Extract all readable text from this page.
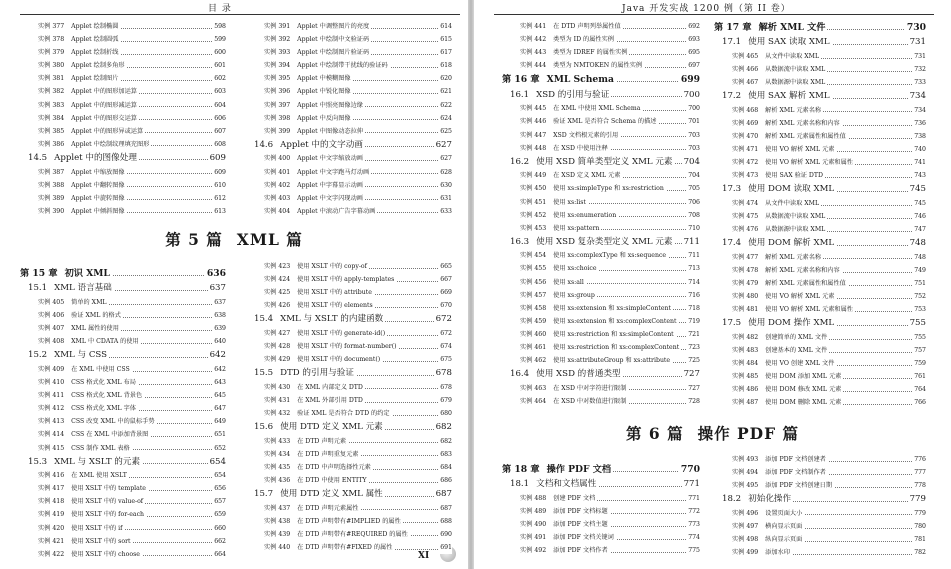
目 录
实例 377 Applet 绘制椭圆	598
实例 378 Applet 绘制圆弧	599
实例 379 Applet 绘制折线	600
实例 380 Applet 绘制多角形	601
实例 381 Applet 绘制图片	602
实例 382 Applet 中的图形加运算	603
实例 383 Applet 中的图形减运算	604
实例 384 Applet 中的图形交运算	606
实例 385 Applet 中的图形异或运算	607
实例 386 Applet 中绘制纹理填充图形	608
14.5 Applet 中的图像处理	609
实例 387 Applet 中缩放图像	609
实例 388 Applet 中翻转图像	610
实例 389 Applet 中旋转图像	612
实例 390 Applet 中倾斜图像	613
实例 391 Applet 中调整图片的亮度	614
实例 392 Applet 中绘制中文验证码	615
实例 393 Applet 中绘制图片验证码	617
实例 394 Applet 中绘制带干扰线的验证码	618
实例 395 Applet 中模糊图像	620
实例 396 Applet 中锐化图像	621
实例 397 Applet 中照亮图像边缘	622
实例 398 Applet 中反向图像	624
实例 399 Applet 中图像动态拉伸	625
14.6 Applet 中的文字动画	627
实例 400 Applet 中文字缩放动画	627
实例 401 Applet 中文字跑马灯动画	628
实例 402 Applet 中字幕显示动画	630
实例 403 Applet 中文字闪现动画	631
实例 404 Applet 中滚动广告字幕动画	633
第 5 篇 XML 篇
第 15 章 初识 XML	636
15.1 XML 语言基础	637
实例 405 简单的 XML	637
实例 406 验证 XML 的格式	638
实例 407 XML 属性的使用	639
实例 408 XML 中 CDATA 的使用	640
15.2 XML 与 CSS	642
实例 409 在 XML 中使用 CSS	642
实例 410 CSS 格式化 XML 布局	643
实例 411 CSS 格式化 XML 背景色	645
实例 412 CSS 格式化 XML 字体	647
实例 413 CSS 改变 XML 中的鼠标手势	649
实例 414 CSS 在 XML 中添加背景图	651
实例 415 CSS 制作 XML 表格	652
15.3 XML 与 XSLT 的元素	654
实例 416 在 XML 使用 XSLT	654
实例 417 使用 XSLT 中的 template	656
实例 418 使用 XSLT 中的 value-of	657
实例 419 使用 XSLT 中的 for-each	659
实例 420 使用 XSLT 中的 if	660
实例 421 使用 XSLT 中的 sort	662
实例 422 使用 XSLT 中的 choose	664
实例 423 使用 XSLT 中的 copy-of	665
实例 424 使用 XSLT 中的 apply-templates	667
实例 425 使用 XSLT 中的 attribute	669
实例 426 使用 XSLT 中的 elements	670
15.4 XML 与 XSLT 的内建函数	672
实例 427 使用 XSLT 中的 generate-id()	672
实例 428 使用 XSLT 中的 format-number()	674
实例 429 使用 XSLT 中的 document()	675
15.5 DTD 的引用与验证	678
实例 430 在 XML 内部定义 DTD	678
实例 431 在 XML 外部引用 DTD	679
实例 432 验证 XML 是否符合 DTD 的约定	680
15.6 使用 DTD 定义 XML 元素	682
实例 433 在 DTD 声明元素	682
实例 434 在 DTD 声明重复元素	683
实例 435 在 DTD 中声明选择性元素	684
实例 436 在 DTD 中使用 ENTITY	686
15.7 使用 DTD 定义 XML 属性	687
实例 437 在 DTD 声明元素属性	687
实例 438 在 DTD 声明带有#IMPLIED 的属性	688
实例 439 在 DTD 声明带有#REQUIRED 的属性	690
实例 440 在 DTD 声明带有#FIXED 的属性	691
XI
Java 开发实战 1200 例（第 II 卷）
实例 441 在 DTD 声明列举属性值	692
实例 442 类型为 ID 的属性实例	693
实例 443 类型为 IDREF 的属性实例	695
实例 444 类型为 NMTOKEN 的属性实例	697
第 16 章 XML Schema	699
16.1 XSD 的引用与验证	700
实例 445 在 XML 中使用 XML Schema	700
实例 446 验证 XML 是否符合 Schema 的描述	701
实例 447 XSD 文档根元素的引用	703
实例 448 在 XSD 中使用注释	703
16.2 使用 XSD 简单类型定义 XML 元素 704
实例 449 在 XSD 定义 XML 元素	704
实例 450 使用 xs:simpleType 和 xs:restriction	705
实例 451 使用 xs:list	706
实例 452 使用 xs:enumeration	708
实例 453 使用 xs:pattern	710
16.3 使用 XSD 复杂类型定义 XML 元素 711
实例 454 使用 xs:complexType 和 xs:sequence	711
实例 455 使用 xs:choice	713
实例 456 使用 xs:all	714
实例 457 使用 xs:group	716
实例 458 使用 xs:extension 和 xs:simpleContent	718
实例 459 使用 xs:extension 和 xs:complexContent	719
实例 460 使用 xs:restriction 和 xs:simpleContent	721
实例 461 使用 xs:restriction 和 xs:complexContent	723
实例 462 使用 xs:attributeGroup 和 xs:attribute	725
16.4 使用 XSD 的普通类型	727
实例 463 在 XSD 中对字符进行限制	727
实例 464 在 XSD 中对数值进行限制	728
第 17 章 解析 XML 文件	730
17.1 使用 SAX 读取 XML	731
实例 465 从文件中读取 XML	731
实例 466 从数据流中读取 XML	732
实例 467 从数据源中读取 XML	733
17.2 使用 SAX 解析 XML	734
实例 468 解析 XML 元素名称	734
实例 469 解析 XML 元素名称和内容	736
实例 470 解析 XML 元素属性和属性值	738
实例 471 使用 VO 解析 XML 元素	740
实例 472 使用 VO 解析 XML 元素和属性	741
实例 473 使用 SAX 验证 DTD	743
17.3 使用 DOM 读取 XML	745
实例 474 从文件中读取 XML	745
实例 475 从数据流中读取 XML	746
实例 476 从数据源中读取 XML	747
17.4 使用 DOM 解析 XML	748
实例 477 解析 XML 元素名称	748
实例 478 解析 XML 元素名称和内容	749
实例 479 解析 XML 元素属性和属性值	751
实例 480 使用 VO 解析 XML 元素	752
实例 481 使用 VO 解析 XML 元素和属性	753
17.5 使用 DOM 操作 XML	755
实例 482 创建简单的 XML 文件	755
实例 483 创建基本的 XML 文件	757
实例 484 使用 VO 创建 XML 文件	759
实例 485 使用 DOM 添加 XML 元素	761
实例 486 使用 DOM 修改 XML 元素	764
实例 487 使用 DOM 删除 XML 元素	766
第 6 篇 操作 PDF 篇
第 18 章 操作 PDF 文档	770
18.1 文档和文档属性	771
实例 488 创建 PDF 文档	771
实例 489 添加 PDF 文档标题	772
实例 490 添加 PDF 文档主题	773
实例 491 添加 PDF 文档关键词	774
实例 492 添加 PDF 文档作者	775
实例 493 添加 PDF 文档创建者	776
实例 494 添加 PDF 文档制作者	777
实例 495 添加 PDF 文档创建日期	778
18.2 初始化操作	779
实例 496 设置页面大小	779
实例 497 横向显示页面	780
实例 498 纵向显示页面	781
实例 499 添加水印	782
